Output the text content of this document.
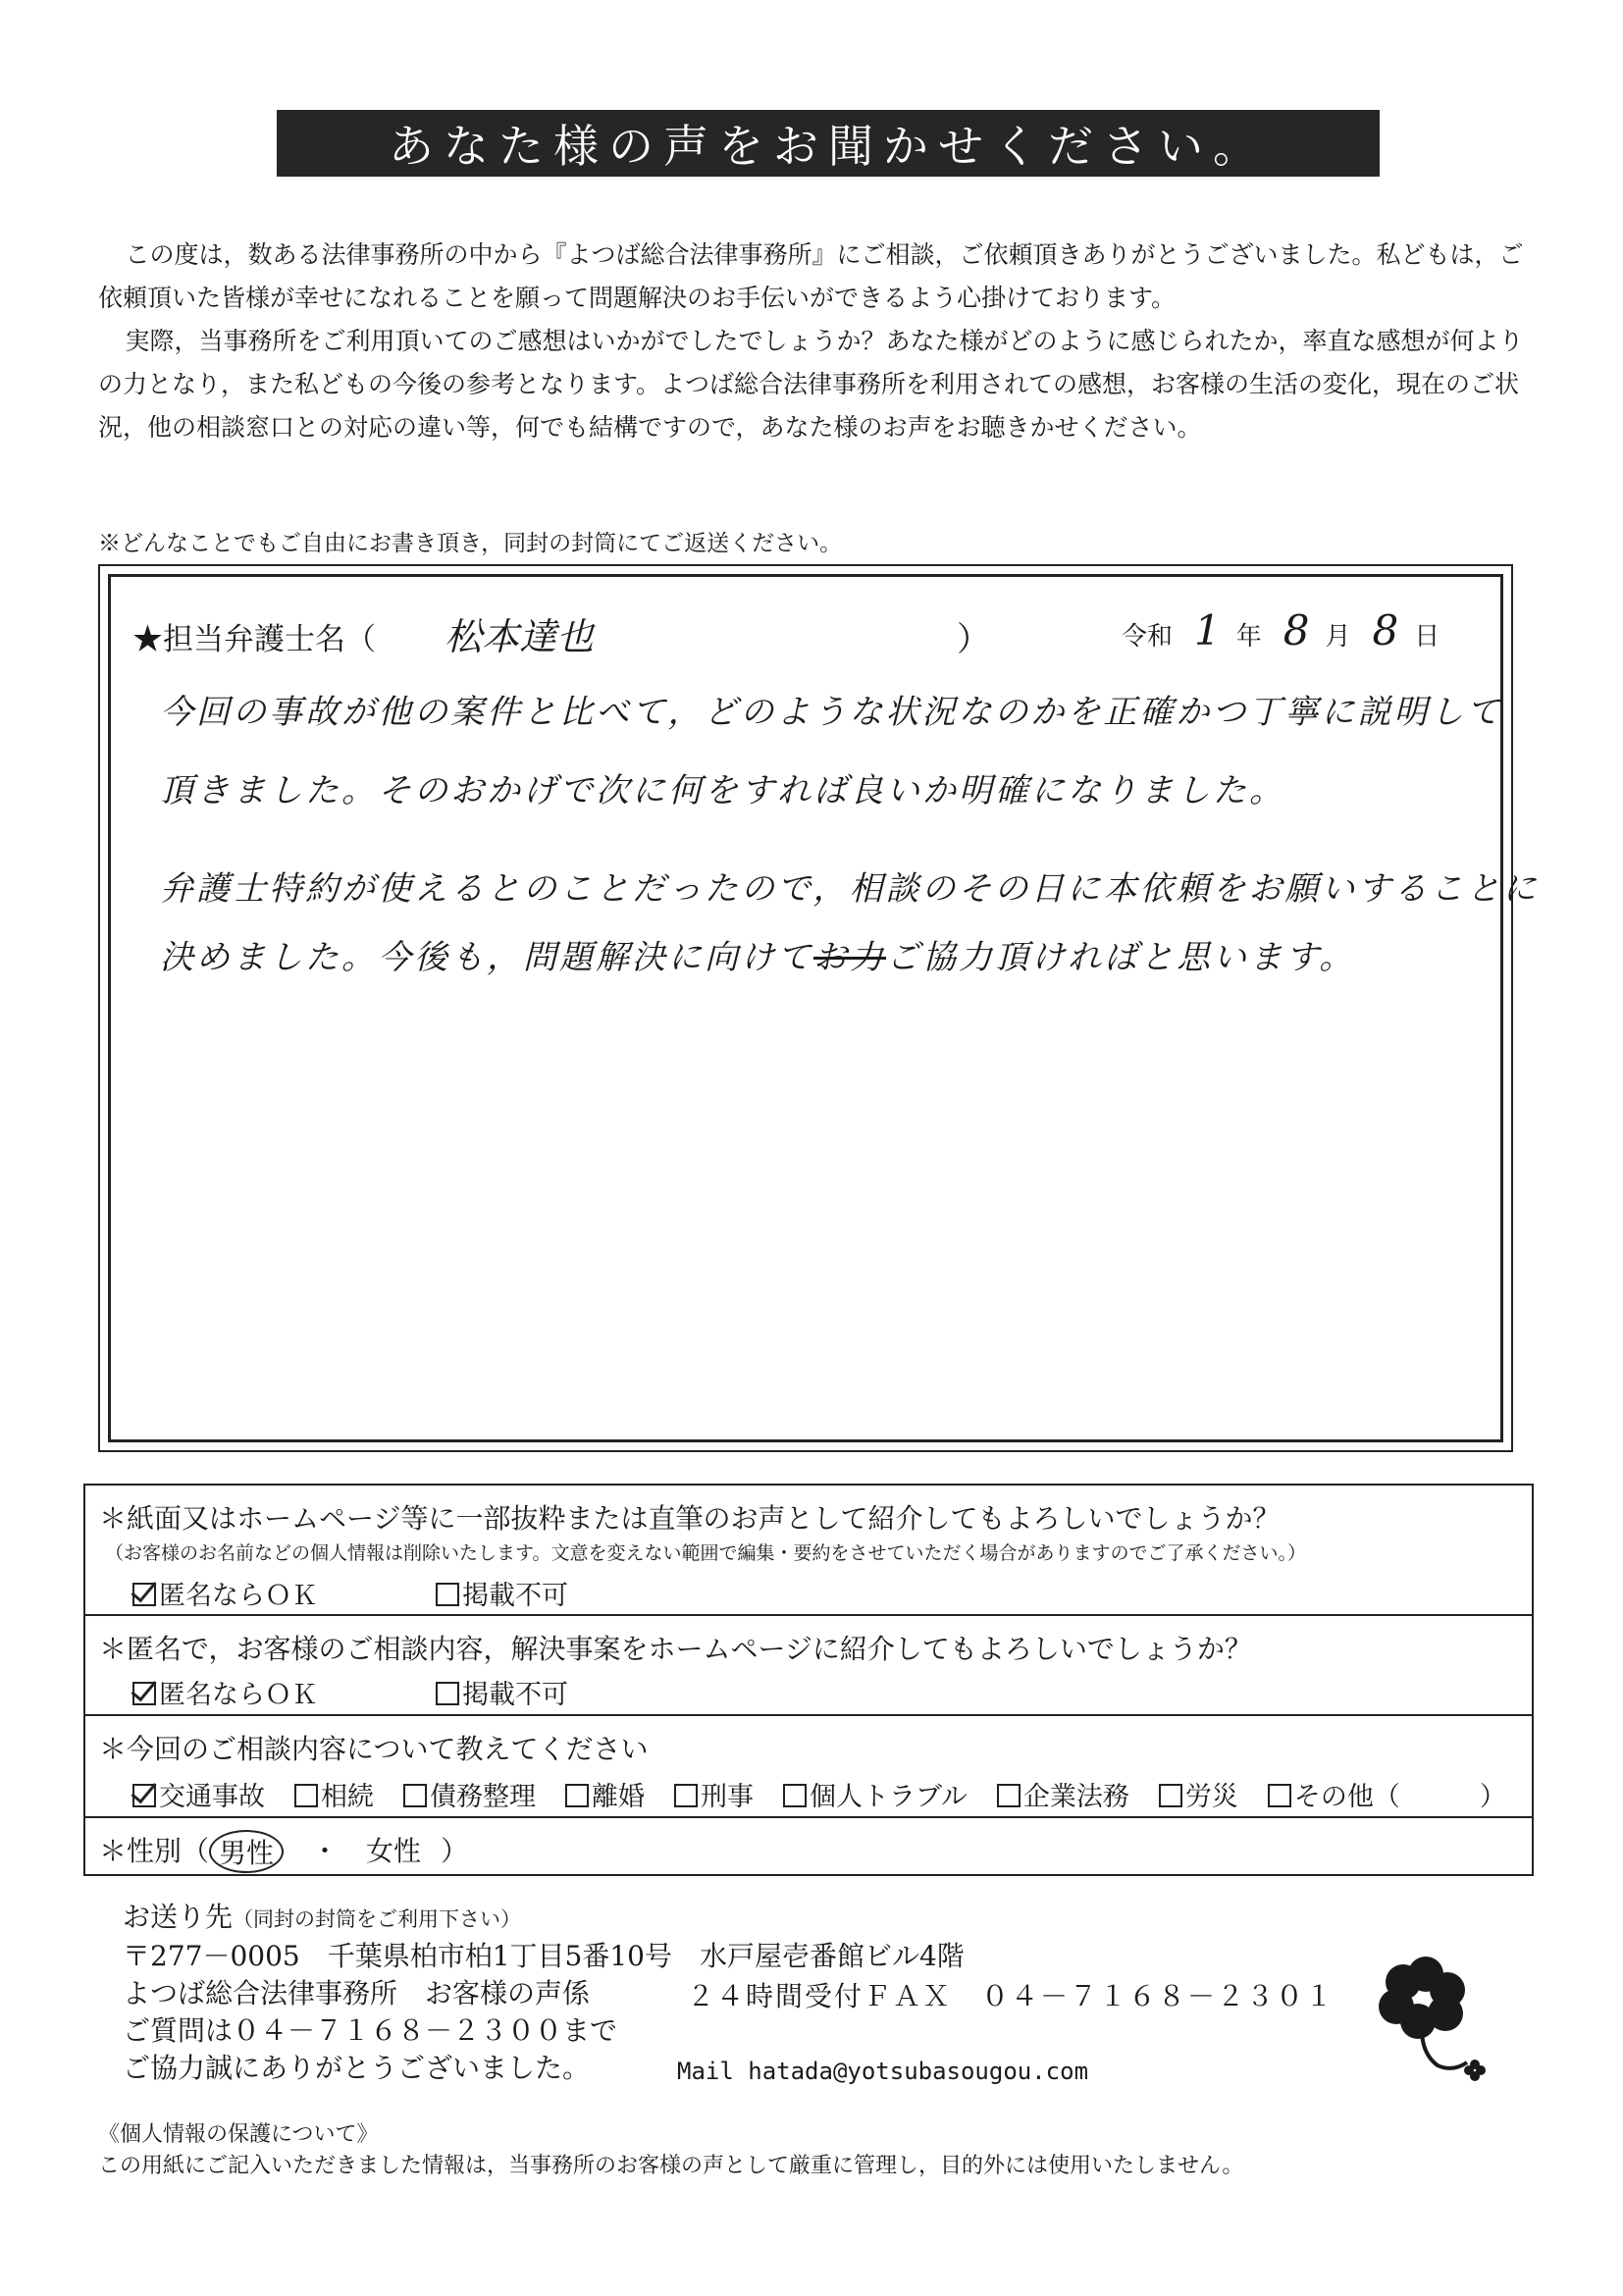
あなた様の声をお聞かせください。

この度は，数ある法律事務所の中から『よつば総合法律事務所』にご相談，ご依頼頂きありがとうございました。私どもは，ご依頼頂いた皆様が幸せになれることを願って問題解決のお手伝いができるよう心掛けております。

実際，当事務所をご利用頂いてのご感想はいかがでしたでしょうか？あなた様がどのように感じられたか，率直な感想が何よりの力となり，また私どもの今後の参考となります。よつば総合法律事務所を利用されての感想，お客様の生活の変化，現在のご状況，他の相談窓口との対応の違い等，何でも結構ですので，あなた様のお声をお聴きかせください。

※どんなことでもご自由にお書き頂き，同封の封筒にてご返送ください。
★担当弁護士名（ 松本達也	）	令和 1 年 8 月 8 日
今回の事故が他の案件と比べて，どのような状況なのかを正確かつ丁寧に説明して
頂きました。そのおかげで次に何をすれば良いか明確になりました。
弁護士特約が使えるとのことだったので，相談のその日に本依頼をお願いすることに
決めました。今後も，問題解決に向けてお力ご協力頂ければと思います。
＊紙面又はホームページ等に一部抜粋または直筆のお声として紹介してもよろしいでしょうか？
（お客様のお名前などの個人情報は削除いたします。文意を変えない範囲で編集・要約をさせていただく場合がありますのでご了承ください。）
匿名ならＯＫ	掲載不可
＊匿名で，お客様のご相談内容，解決事案をホームページに紹介してもよろしいでしょうか？
匿名ならＯＫ	掲載不可
＊今回のご相談内容について教えてください
交通事故	相続	債務整理	離婚	刑事	個人トラブル	企業法務	労災	その他（　　　）
＊性別（ 男性	・ 女性 ）
お送り先（同封の封筒をご利用下さい）
〒277－0005　千葉県柏市柏1丁目5番10号　水戸屋壱番館ビル4階
よつば総合法律事務所　お客様の声係
ご質問は０４－７１６８－２３００まで
ご協力誠にありがとうございました。
２４時間受付ＦＡＸ　０４－７１６８－２３０１
Mail hatada@yotsubasougou.com
《個人情報の保護について》
この用紙にご記入いただきました情報は，当事務所のお客様の声として厳重に管理し，目的外には使用いたしません。
